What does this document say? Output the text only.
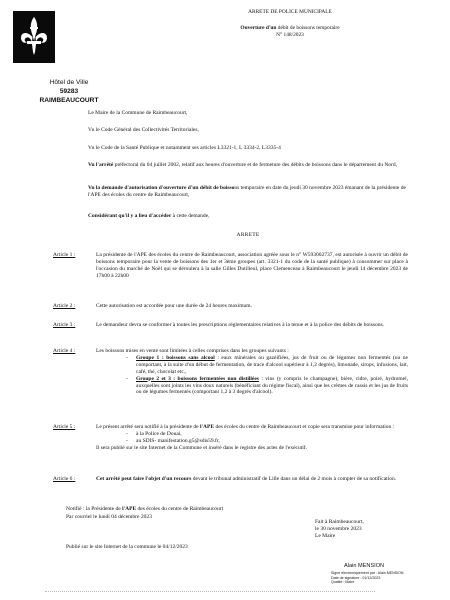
Hôtel de Ville
59283 RAIMBEAUCOURT
ARRETE DE POLICE MUNICIPALE
Ouverture d'un débit de boissons temporaire
N° 148/2023
Le Maire de la Commune de Raimbeaucourt,
Vu le Code Général des Collectivités Territoriales,
Vu le Code de la Santé Publique et notamment ses articles L3321-1, L 3334-2, L3335-4
Vu l'arrêté préfectoral du 04 juillet 2002, relatif aux heures d'ouverture et de fermeture des débits de boissons dans le département du Nord,
Vu la demande d'autorisation d'ouverture d'un débit de boissons temporaire en date du jeudi 30 novembre 2023 émanant de la présidente de l'APE des écoles du centre de Raimbeaucourt,
Considérant qu'il y a lieu d'accéder à cette demande,
ARRETE
Article 1 :	La présidente de l'APE des écoles du centre de Raimbeaucourt, association agréée sous le n° W593002737, est autorisée à ouvrir un débit de boissons temporaire pour la vente de boissons des 1er et 3ème groupes (art. 3321-1 du code de la santé publique) à consommer sur place à l'occasion du marché de Noël qui se déroulera à la salle Gilles Dutilleul, place Clemenceau à Raimbeaucourt le jeudi 14 décembre 2023 de 17h00 à 22h00
Article 2 :	Cette autorisation est accordée pour une durée de 24 heures maximum.
Article 3 :	Le demandeur devra se conformer à toutes les prescriptions réglementaires relatives à la tenue et à la police des débits de boissons.
Article 4 :	Les boissons mises en vente sont limitées à celles comprises dans les groupes suivants :
- Groupe 1 : boissons sans alcool : eaux minérales ou gazéifiées, jus de fruit ou de légumes non fermentés (ou ne comportant, à la suite d'un début de fermentation, de trace d'alcool supérieur à 1,2 degrés), limonade, sirops, infusions, lait, café, thé, chocolat etc.,
- Groupe 2 et 3 : boissons fermentées non distillées : vins (y compris le champagne), bière, cidre, poiré, hydromel, auxquelles sont joints les vins doux naturels (bénéficiant du régime fiscal), ainsi que les crèmes de cassis et les jus de fruits ou de légumes fermentés (comportant 1,2 à 3 degrés d'alcool).
Article 5 :	Le présent arrêté sera notifié à la présidente de l'APE des écoles du centre de Raimbeaucourt et copie sera transmise pour information :
- à la Police de Douai,
- au SDIS- manifestation.g5@sdis59.fr,
Il sera publié sur le site Internet de la Commune et inséré dans le registre des actes de l'exécutif.
Article 6 :	Cet arrêté peut faire l'objet d'un recours devant le tribunal administratif de Lille dans un délai de 2 mois à compter de sa notification.
Notifié : la Présidente de l'APE des écoles du centre de Raimbeaucourt
Par courriel le lundi 04 décembre 2023
Publié sur le site Internet de la commune le 04/12/2023
Fait à Raimbeaucourt,
le 30 novembre 2023
Le Maire
Alain MENSION
Signé électroniquement par : Alain MENSION
Date de signature : 01/12/2023
Qualité : Maire
